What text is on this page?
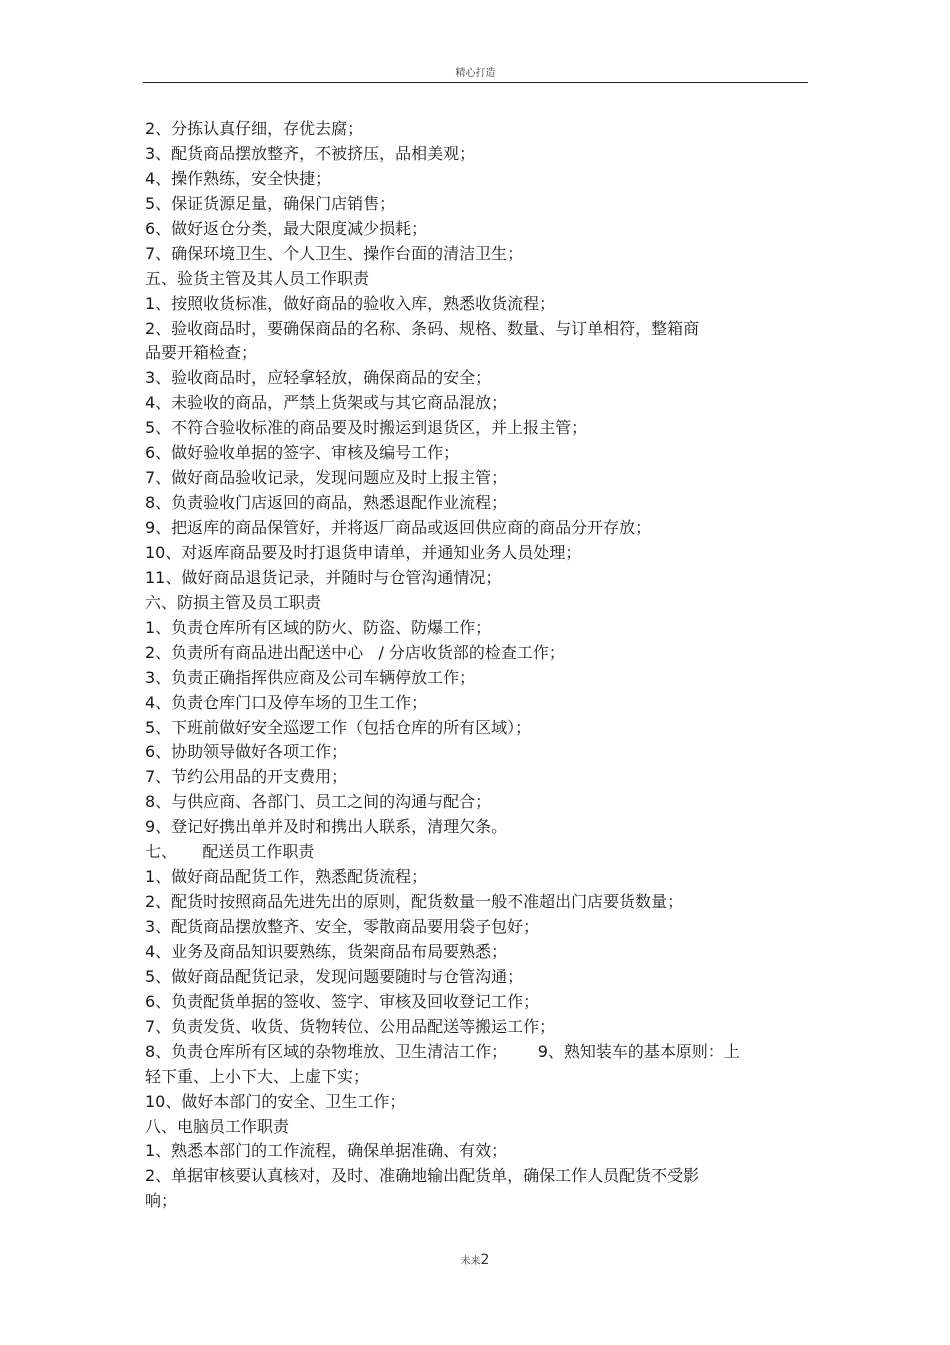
精心打造
2、分拣认真仔细，存优去腐；
3、配货商品摆放整齐，不被挤压，品相美观；
4、操作熟练，安全快捷；
5、保证货源足量，确保门店销售；
6、做好返仓分类，最大限度减少损耗；
7、确保环境卫生、个人卫生、操作台面的清洁卫生；
五、验货主管及其人员工作职责
1、按照收货标准，做好商品的验收入库，熟悉收货流程；
2、验收商品时，要确保商品的名称、条码、规格、数量、与订单相符，整箱商
品要开箱检查；
3、验收商品时，应轻拿轻放，确保商品的安全；
4、未验收的商品，严禁上货架或与其它商品混放；
5、不符合验收标准的商品要及时搬运到退货区，并上报主管；
6、做好验收单据的签字、审核及编号工作；
7、做好商品验收记录，发现问题应及时上报主管；
8、负责验收门店返回的商品，熟悉退配作业流程；
9、把返库的商品保管好，并将返厂商品或返回供应商的商品分开存放；
10、对返库商品要及时打退货申请单，并通知业务人员处理；
11、做好商品退货记录，并随时与仓管沟通情况；
六、防损主管及员工职责
1、负责仓库所有区域的防火、防盗、防爆工作；
2、负责所有商品进出配送中心   / 分店收货部的检查工作；
3、负责正确指挥供应商及公司车辆停放工作；
4、负责仓库门口及停车场的卫生工作；
5、下班前做好安全巡逻工作（包括仓库的所有区域）；
6、协助领导做好各项工作；
7、节约公用品的开支费用；
8、与供应商、各部门、员工之间的沟通与配合；
9、登记好携出单并及时和携出人联系，清理欠条。
七、     配送员工作职责
1、做好商品配货工作，熟悉配货流程；
2、配货时按照商品先进先出的原则，配货数量一般不准超出门店要货数量；
3、配货商品摆放整齐、安全，零散商品要用袋子包好；
4、业务及商品知识要熟练，货架商品布局要熟悉；
5、做好商品配货记录，发现问题要随时与仓管沟通；
6、负责配货单据的签收、签字、审核及回收登记工作；
7、负责发货、收货、货物转位、公用品配送等搬运工作；
8、负责仓库所有区域的杂物堆放、卫生清洁工作；      9、熟知装车的基本原则：上
轻下重、上小下大、上虚下实；
10、做好本部门的安全、卫生工作；
八、电脑员工作职责
1、熟悉本部门的工作流程，确保单据准确、有效；
2、单据审核要认真核对，及时、准确地输出配货单，确保工作人员配货不受影
响；
未来2
